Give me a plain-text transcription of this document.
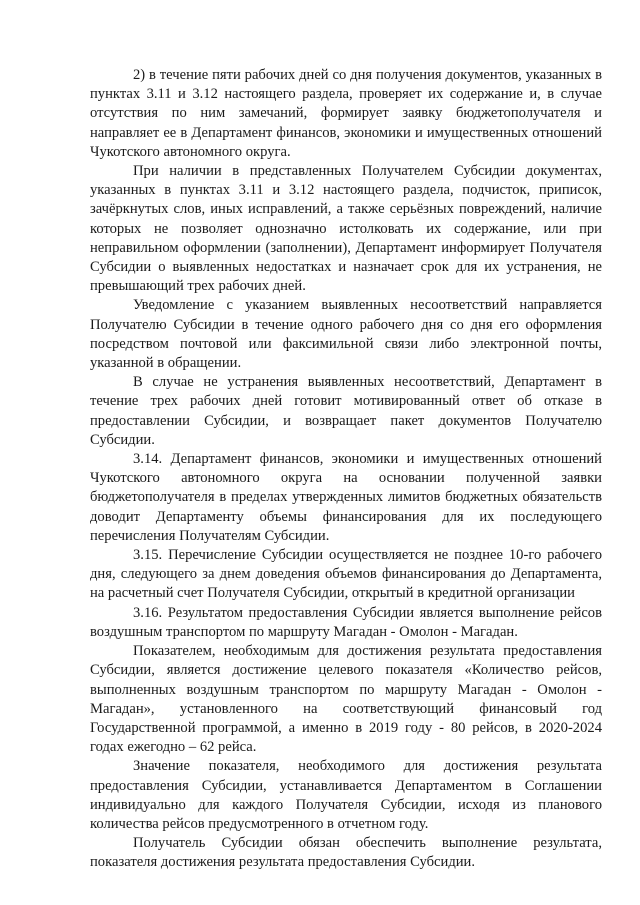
2) в течение пяти рабочих дней со дня получения документов, указанных в пунктах 3.11 и 3.12 настоящего раздела, проверяет их содержание и, в случае отсутствия по ним замечаний, формирует заявку бюджетополучателя и направляет ее в Департамент финансов, экономики и имущественных отношений Чукотского автономного округа.

При наличии в представленных Получателем Субсидии документах, указанных в пунктах 3.11 и 3.12 настоящего раздела, подчисток, приписок, зачёркнутых слов, иных исправлений, а также серьёзных повреждений, наличие которых не позволяет однозначно истолковать их содержание, или при неправильном оформлении (заполнении), Департамент информирует Получателя Субсидии о выявленных недостатках и назначает срок для их устранения, не превышающий трех рабочих дней.

Уведомление с указанием выявленных несоответствий направляется Получателю Субсидии в течение одного рабочего дня со дня его оформления посредством почтовой или факсимильной связи либо электронной почты, указанной в обращении.

В случае не устранения выявленных несоответствий, Департамент в течение трех рабочих дней готовит мотивированный ответ об отказе в предоставлении Субсидии, и возвращает пакет документов Получателю Субсидии.

3.14. Департамент финансов, экономики и имущественных отношений Чукотского автономного округа на основании полученной заявки бюджетополучателя в пределах утвержденных лимитов бюджетных обязательств доводит Департаменту объемы финансирования для их последующего перечисления Получателям Субсидии.

3.15. Перечисление Субсидии осуществляется не позднее 10-го рабочего дня, следующего за днем доведения объемов финансирования до Департамента, на расчетный счет Получателя Субсидии, открытый в кредитной организации

3.16. Результатом предоставления Субсидии является выполнение рейсов воздушным транспортом по маршруту Магадан - Омолон - Магадан.

Показателем, необходимым для достижения результата предоставления Субсидии, является достижение целевого показателя «Количество рейсов, выполненных воздушным транспортом по маршруту Магадан - Омолон - Магадан», установленного на соответствующий финансовый год Государственной программой, а именно в 2019 году - 80 рейсов, в 2020-2024 годах ежегодно – 62 рейса.

Значение показателя, необходимого для достижения результата предоставления Субсидии, устанавливается Департаментом в Соглашении индивидуально для каждого Получателя Субсидии, исходя из планового количества рейсов предусмотренного в отчетном году.

Получатель Субсидии обязан обеспечить выполнение результата, показателя достижения результата предоставления Субсидии.
